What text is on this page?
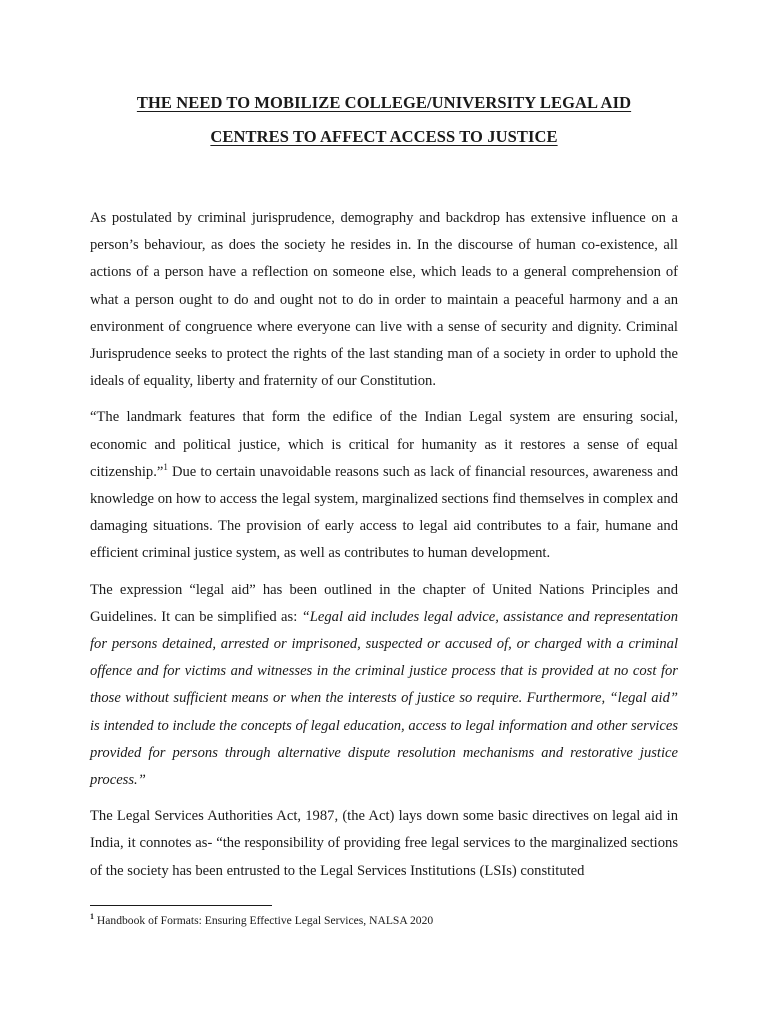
THE NEED TO MOBILIZE COLLEGE/UNIVERSITY LEGAL AID
CENTRES TO AFFECT ACCESS TO JUSTICE

As postulated by criminal jurisprudence, demography and backdrop has extensive influence on a person’s behaviour, as does the society he resides in. In the discourse of human co-existence, all actions of a person have a reflection on someone else, which leads to a general comprehension of what a person ought to do and ought not to do in order to maintain a peaceful harmony and a an environment of congruence where everyone can live with a sense of security and dignity. Criminal Jurisprudence seeks to protect the rights of the last standing man of a society in order to uphold the ideals of equality, liberty and fraternity of our Constitution.

“The landmark features that form the edifice of the Indian Legal system are ensuring social, economic and political justice, which is critical for humanity as it restores a sense of equal citizenship.”$^1$ Due to certain unavoidable reasons such as lack of financial resources, awareness and knowledge on how to access the legal system, marginalized sections find themselves in complex and damaging situations. The provision of early access to legal aid contributes to a fair, humane and efficient criminal justice system, as well as contributes to human development.

The expression “legal aid” has been outlined in the chapter of United Nations Principles and Guidelines. It can be simplified as: “Legal aid includes legal advice, assistance and representation for persons detained, arrested or imprisoned, suspected or accused of, or charged with a criminal offence and for victims and witnesses in the criminal justice process that is provided at no cost for those without sufficient means or when the interests of justice so require. Furthermore, “legal aid” is intended to include the concepts of legal education, access to legal information and other services provided for persons through alternative dispute resolution mechanisms and restorative justice process.”

The Legal Services Authorities Act, 1987, (the Act) lays down some basic directives on legal aid in India, it connotes as- “the responsibility of providing free legal services to the marginalized sections of the society has been entrusted to the Legal Services Institutions (LSIs) constituted

$^1$ Handbook of Formats: Ensuring Effective Legal Services, NALSA 2020
